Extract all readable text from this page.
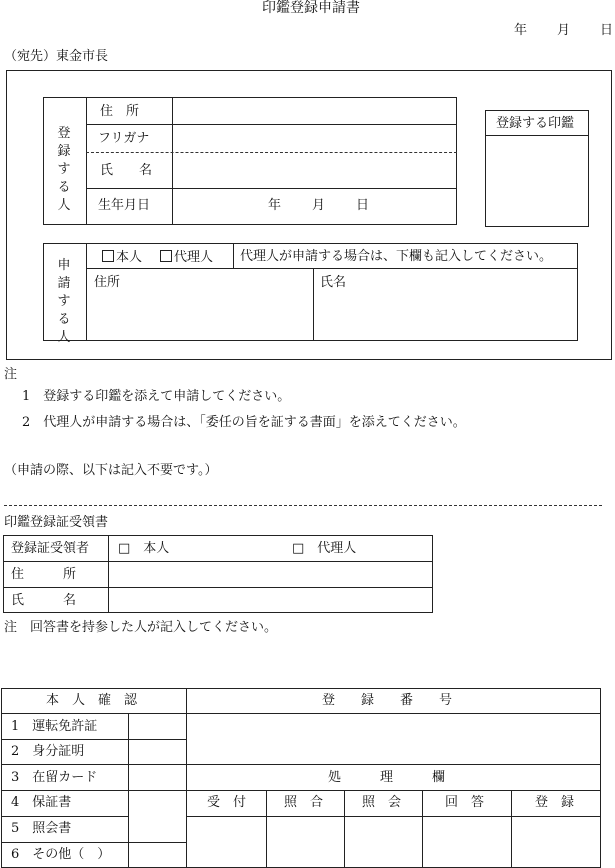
印鑑登録申請書
年 月 日
（宛先）東金市長
登
録
す
る
人
住　所
フリガナ
氏　　名
生年月日	年 月 日
登録する印鑑
申
請
す
る
人
本人	代理人 代理人が申請する場合は、下欄も記入してください。
住所	氏名
注
1　登録する印鑑を添えて申請してください。
2　代理人が申請する場合は、「委任の旨を証する書面」を添えてください。
（申請の際、以下は記入不要です。）
印鑑登録証受領書
登録証受領者 □　本人	□　代理人
住　　　所
氏　　　名
注　回答書を持参した人が記入してください。
本　人　確　認
1　運転免許証
2　身分証明
3　在留カード
4　保証書
5　照会書
6　その他（　）
登　　録　　番　　号
処　　　理　　　欄
受　付	照　合	照　会	回　答	登　録
